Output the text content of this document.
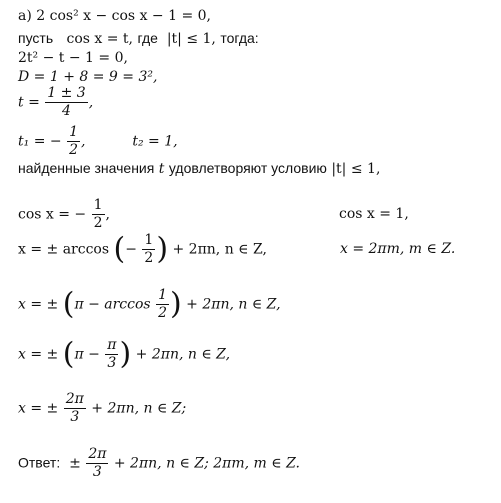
а) 2 cos² x − cos x − 1 = 0,
пусть cos x = t, где |t| ≤ 1, тогда:
2t² − t − 1 = 0,
D = 1 + 8 = 9 = 3²,
$t = \frac{1 \pm 3}{4}$ ,
t₁ = − $\frac{1}{2}$ ,	t₂ = 1,
найденные значения t удовлетворяют условию |t| ≤ 1,
cos x = − $\frac{1}{2}$ ,	cos x = 1,
x = ± arccos (− $\frac{1}{2}$ ) + 2πn, n ∈ Z,	x = 2πm, m ∈ Z.
x = ± ($\pi - \arccos \frac{1}{2}$ ) + 2πn, n ∈ Z,
x = ± ($\pi - \frac{\pi}{3}$ ) + 2πn, n ∈ Z,
x = ± $\frac{2\pi}{3} + 2\pi n$, n ∈ Z;
Ответ: ± $\frac{2\pi}{3} + 2\pi n$, n ∈ Z; 2πm, m ∈ Z.
